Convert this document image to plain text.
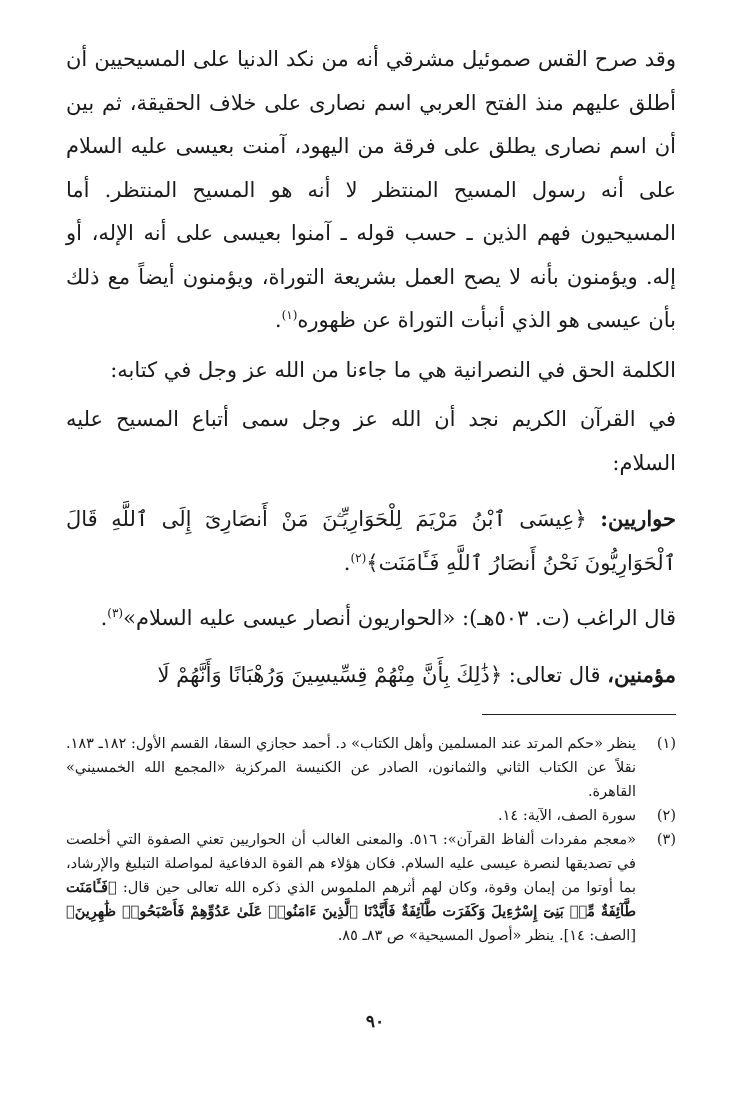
وقد صرح القس صموئيل مشرقي أنه من نكد الدنيا على المسيحيين أن أطلق عليهم منذ الفتح العربي اسم نصارى على خلاف الحقيقة، ثم بين أن اسم نصارى يطلق على فرقة من اليهود، آمنت بعيسى عليه السلام على أنه رسول المسيح المنتظر لا أنه هو المسيح المنتظر. أما المسيحيون فهم الذين ـ حسب قوله ـ آمنوا بعيسى على أنه الإله، أو إله. ويؤمنون بأنه لا يصح العمل بشريعة التوراة، ويؤمنون أيضاً مع ذلك بأن عيسى هو الذي أنبأت التوراة عن ظهوره$^{(١)}$.

الكلمة الحق في النصرانية هي ما جاءنا من الله عز وجل في كتابه:

في القرآن الكريم نجد أن الله عز وجل سمى أتباع المسيح عليه السلام:

حواريين: ﴿عِيسَى ٱبْنُ مَرْيَمَ لِلْحَوَارِيِّـۧنَ مَنْ أَنصَارِىٓ إِلَى ٱللَّهِ قَالَ ٱلْحَوَارِيُّونَ نَحْنُ أَنصَارُ ٱللَّهِ فَـَٔامَنَت﴾$^{(٢)}$.

قال الراغب (ت. ٥٠٣هـ): «الحواريون أنصار عيسى عليه السلام»$^{(٣)}$.

مؤمنين، قال تعالى: ﴿ذَٰلِكَ بِأَنَّ مِنْهُمْ قِسِّيسِينَ وَرُهْبَانًا وَأَنَّهُمْ لَا

(١)
ينظر «حكم المرتد عند المسلمين وأهل الكتاب» د. أحمد حجازي السقا، القسم الأول: ١٨٢ـ ١٨٣. نقلاً عن الكتاب الثاني والثمانون، الصادر عن الكنيسة المركزية «المجمع الله الخمسيني» القاهرة.
(٢)
سورة الصف، الآية: ١٤.
(٣)
«معجم مفردات ألفاظ القرآن»: ٥١٦. والمعنى الغالب أن الحواريين تعني الصفوة التي أخلصت في تصديقها لنصرة عيسى عليه السلام. فكان هؤلاء هم القوة الدفاعية لمواصلة التبليغ والإرشاد، بما أوتوا من إيمان وقوة، وكان لهم أثرهم الملموس الذي ذكره الله تعالى حين قال: ﴿فَـَٔامَنَت طَّآئِفَةٌ مِّنۢ بَنِىٓ إِسْرَٰٓءِيلَ وَكَفَرَت طَّآئِفَةٌ فَأَيَّدْنَا ٱلَّذِينَ ءَامَنُوا۟ عَلَىٰ عَدُوِّهِمْ فَأَصْبَحُوا۟ ظَٰهِرِينَ﴾ [الصف: ١٤]. ينظر «أصول المسيحية» ص ٨٣ـ ٨٥.
٩٠
